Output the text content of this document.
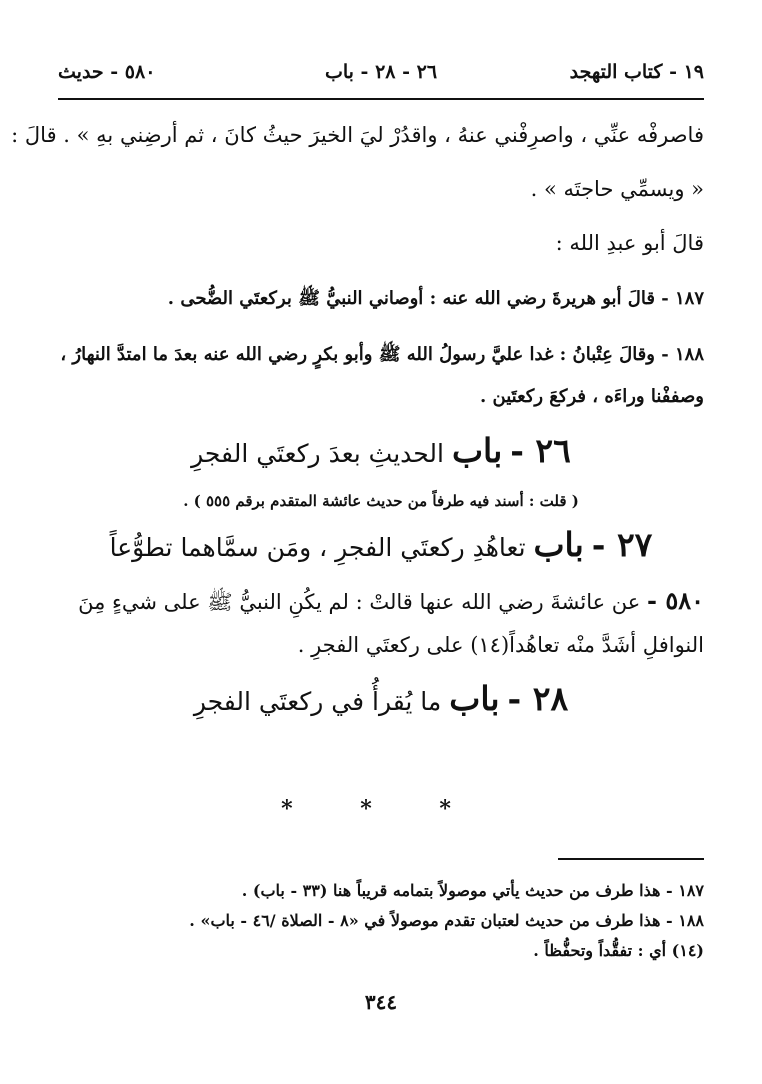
١٩ - كتاب التهجد
٢٦ - ٢٨ - باب
٥٨٠ - حديث
فاصرفْه عنِّي ، واصرِفْني عنهُ ، واقدُرْ ليَ الخيرَ حيثُ كانَ ، ثم أرضِني بهِ » . قالَ :
« ويسمِّي حاجتَه » .
قالَ أبو عبدِ الله :
١٨٧ - قالَ أبو هريرةَ رضي الله عنه : أوصاني النبيُّ ﷺ بركعتَي الضُّحى .
١٨٨ - وقالَ عِتْبانُ : غدا عليَّ رسولُ الله ﷺ وأبو بكرٍ رضي الله عنه بعدَ ما امتدَّ النهارُ ،
وصففْنا وراءَه ، فركعَ ركعتَين .
٢٦ - باب الحديثِ بعدَ ركعتَي الفجرِ
( قلت : أسند فيه طرفاً من حديث عائشة المتقدم برقم ٥٥٥ ) .
٢٧ - باب تعاهُدِ ركعتَي الفجرِ ، ومَن سمَّاهما تطوُّعاً
٥٨٠ - عن عائشةَ رضي الله عنها قالتْ : لم يكُنِ النبيُّ ﷺ على شيءٍ مِنَ
النوافلِ أشَدَّ منْه تعاهُداً(١٤) على ركعتَي الفجرِ .
٢٨ - باب ما يُقرأُ في ركعتَي الفجرِ
* * *
١٨٧ - هذا طرف من حديث يأتي موصولاً بتمامه قريباً هنا (٣٣ - باب) .
١٨٨ - هذا طرف من حديث لعتبان تقدم موصولاً في «٨ - الصلاة /٤٦ - باب» .
(١٤) أي : تفقُّداً وتحفُّظاً .
٣٤٤
